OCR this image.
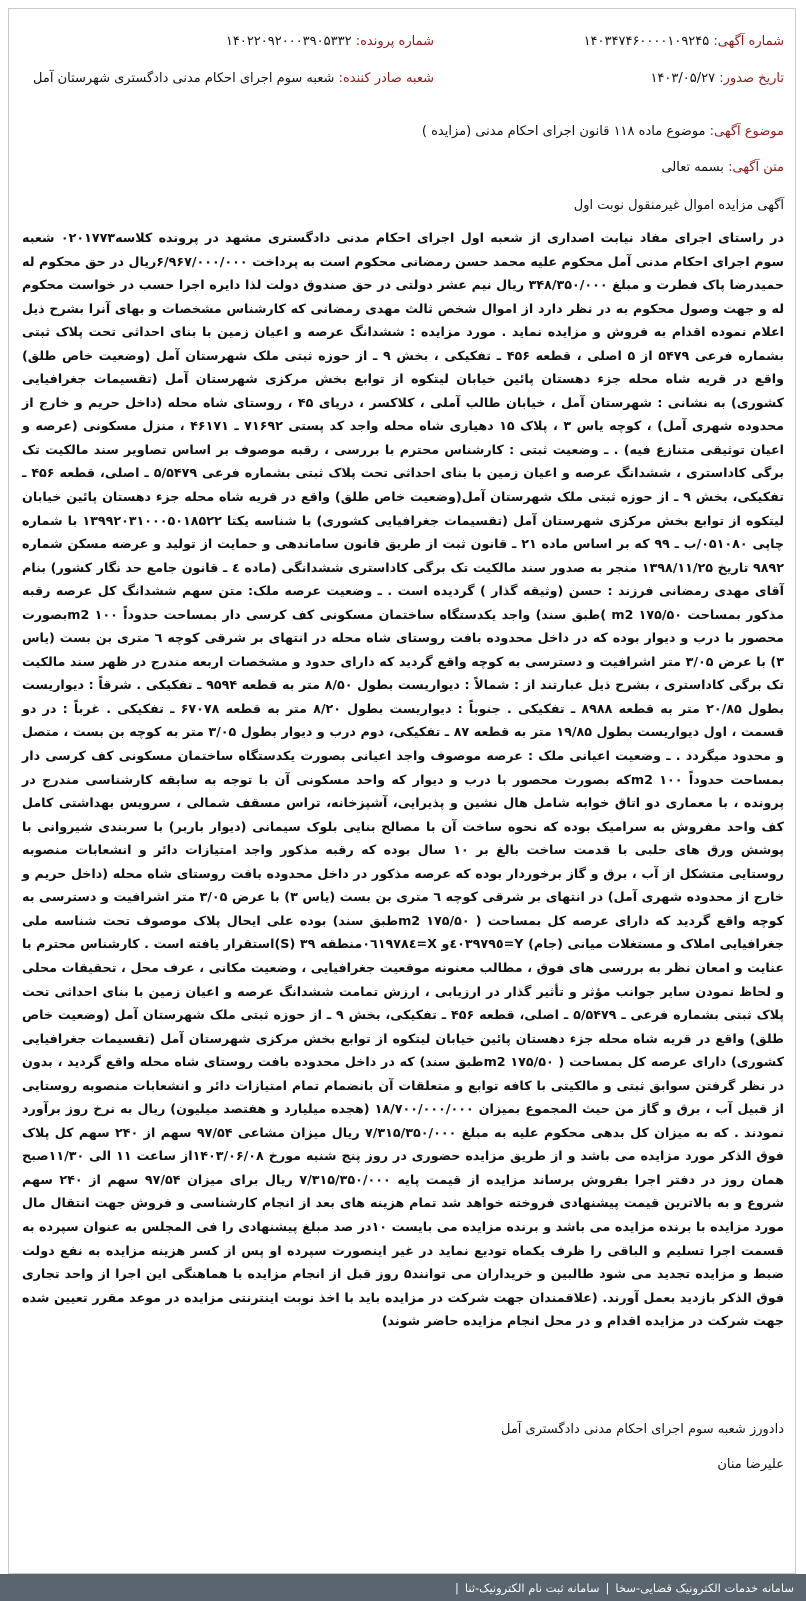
شماره آگهی: ۱۴۰۳۴۷۴۶۰۰۰۰۱۰۹۲۴۵
شماره پرونده: ۱۴۰۲۲۰۹۲۰۰۰۳۹۰۵۳۳۲
تاریخ صدور: ۱۴۰۳/۰۵/۲۷
شعبه صادر کننده: شعبه سوم اجرای احکام مدنی دادگستری شهرستان آمل
موضوع آگهی: موضوع ماده ۱۱۸ قانون اجرای احکام مدنی (مزایده )
متن آگهی: بسمه تعالی
آگهی مزایده اموال غیرمنقول نوبت اول
در راستای اجرای مفاد نیابت اصداری از شعبه اول اجرای احکام مدنی دادگستری مشهد در پرونده کلاسه۰۲۰۱۷۷۳ شعبه سوم اجرای احکام مدنی آمل محکوم علیه محمد حسن رمضانی محکوم است به پرداخت ۶/۹۶۷/۰۰۰/۰۰۰ریال در حق محکوم له حمیدرضا پاک فطرت و مبلغ ۳۴۸/۳۵۰/۰۰۰ ریال نیم عشر دولتی در حق صندوق دولت لذا دایره اجرا حسب در خواست محکوم له و جهت وصول محکوم به در نظر دارد از اموال شخص ثالث مهدی رمضانی که کارشناس مشخصات و بهای آنرا بشرح ذیل اعلام نموده اقدام به فروش و مزایده نماید . مورد مزایده : ششدانگ عرصه و اعیان زمین با بنای احداثی تحت پلاک ثبتی بشماره فرعی ۵۴۷۹ از ۵ اصلی ، قطعه ۴۵۶ ـ تفکیکی ، بخش ۹ ـ از حوزه ثبتی ملک شهرستان آمل (وضعیت خاص طلق) واقع در قریه شاه محله جزء دهستان پائین خیابان لیتکوه از توابع بخش مرکزی شهرستان آمل (تقسیمات جغرافیایی کشوری) به نشانی : شهرستان آمل ، خیابان طالب آملی ، کلاکسر ، دریای ۴۵ ، روستای شاه محله (داخل حریم و خارج از محدوده شهری آمل) ، کوچه یاس ۳ ، پلاک ۱۵ دهیاری شاه محله واجد کد پستی ۷۱۶۹۲ ـ ۴۶۱۷۱ ، منزل مسکونی (عرصه و اعیان توثیقی متنازع فیه) . ـ وضعیت ثبتی : کارشناس محترم با بررسی ، رقبه موصوف بر اساس تصاویر سند مالکیت تک برگی کاداستری ، ششدانگ عرصه و اعیان زمین با بنای احداثی تحت پلاک ثبتی بشماره فرعی ۵/۵۴۷۹ ـ اصلی، قطعه ۴۵۶ ـ تفکیکی، بخش ۹ ـ از حوزه ثبتی ملک شهرستان آمل(وضعیت خاص طلق) واقع در قریه شاه محله جزء دهستان پائین خیابان لیتکوه از توابع بخش مرکزی شهرستان آمل (تقسیمات جغرافیایی کشوری) با شناسه یکتا ۱۳۹۹۲۰۳۱۰۰۰۵۰۱۸۵۲۲ با شماره چاپی ۰۵۱۰۸۰/ب ـ ۹۹ که بر اساس ماده ۲۱ ـ قانون ثبت از طریق قانون ساماندهی و حمایت از تولید و عرضه مسکن شماره ۹۸۹۲ تاریخ ۱۳۹۸/۱۱/۲۵ منجر به صدور سند مالکیت تک برگی کاداستری ششدانگی (ماده ٤ ـ قانون جامع حد نگار کشور) بنام آقای مهدی رمضانی فرزند : حسن (وثیقه گذار ) گردیده است . ـ وضعیت عرصه ملک: متن سهم ششدانگ کل عرصه رقبه مذکور بمساحت m2 ۱۷۵/۵۰ )طبق سند) واجد یکدستگاه ساختمان مسکونی کف کرسی دار بمساحت حدوداً ۱۰۰ m2بصورت محصور با درب و دیوار بوده که در داخل محدوده بافت روستای شاه محله در انتهای بر شرقی کوچه ٦ متری بن بست (یاس ۳) با عرض ۳/۰۵ متر اشرافیت و دسترسی به کوچه واقع گردید که دارای حدود و مشخصات اربعه مندرج در ظهر سند مالکیت تک برگی کاداستری ، بشرح ذیل عبارتند از : شمالاً : دیواریست بطول ۸/۵۰ متر به قطعه ۹۵۹۴ ـ تفکیکی . شرقاً : دیواریست بطول ۲۰/۸۵ متر به قطعه ۸۹۸۸ ـ تفکیکی . جنوباً : دیواریست بطول ۸/۲۰ متر به قطعه ۶۷۰۷۸ ـ تفکیکی . غرباً : در دو قسمت ، اول دیواریست بطول ۱۹/۸۵ متر به قطعه ۸۷ ـ تفکیکی، دوم درب و دیوار بطول ۳/۰۵ متر به کوچه بن بست ، متصل و محدود میگردد . ـ وضعیت اعیانی ملک : عرصه موصوف واجد اعیانی بصورت یکدستگاه ساختمان مسکونی کف کرسی دار بمساحت حدوداً ۱۰۰ m2که بصورت محصور با درب و دیوار که واحد مسکونی آن با توجه به سابقه کارشناسی مندرج در پرونده ، با معماری دو اتاق خوابه شامل هال نشین و پذیرایی، آشپزخانه، تراس مسقف شمالی ، سرویس بهداشتی کامل کف واحد مفروش به سرامیک بوده که نحوه ساخت آن با مصالح بنایی بلوک سیمانی (دیوار باربر) با سربندی شیروانی با پوشش ورق های حلبی با قدمت ساخت بالغ بر ۱۰ سال بوده که رقبه مذکور واجد امتیازات دائر و انشعابات منصوبه روستایی متشکل از آب ، برق و گاز برخوردار بوده که عرصه مذکور در داخل محدوده بافت روستای شاه محله (داخل حریم و خارج از محدوده شهری آمل) در انتهای بر شرقی کوچه ٦ متری بن بست (یاس ۳) با عرض ۳/۰۵ متر اشرافیت و دسترسی به کوچه واقع گردید که دارای عرصه کل بمساحت ( m2 ۱۷۵/۵۰طبق سند) بوده علی ایحال پلاک موصوف تحت شناسه ملی جغرافیایی املاک و مستغلات میانی (جام) Y=٤٠٣٩٧٩٥و X=٠٦١٩٧٨٤منطقه ۳۹ (S)استقرار یافته است . کارشناس محترم با عنایت و امعان نظر به بررسی های فوق ، مطالب معنونه موقعیت جغرافیایی ، وضعیت مکانی ، عرف محل ، تحقیقات محلی و لحاظ نمودن سایر جوانب مؤثر و تأثیر گذار در ارزیابی ، ارزش تمامت ششدانگ عرصه و اعیان زمین با بنای احداثی تحت پلاک ثبتی بشماره فرعی ـ ۵/۵۴۷۹ ـ اصلی، قطعه ۴۵۶ ـ تفکیکی، بخش ۹ ـ از حوزه ثبتی ملک شهرستان آمل (وضعیت خاص طلق) واقع در قریه شاه محله جزء دهستان پائین خیابان لیتکوه از توابع بخش مرکزی شهرستان آمل (تقسیمات جغرافیایی کشوری) دارای عرصه کل بمساحت ( m2 ۱۷۵/۵۰طبق سند) که در داخل محدوده بافت روستای شاه محله واقع گردید ، بدون در نظر گرفتن سوابق ثبتی و مالکیتی با کافه توابع و متعلقات آن بانضمام تمام امتیازات دائر و انشعابات منصوبه روستایی از قبیل آب ، برق و گاز من حیث المجموع بمیزان ۱۸/۷۰۰/۰۰۰/۰۰۰ (هجده میلیارد و هفتصد میلیون) ریال به نرخ روز برآورد نمودند . که به میزان کل بدهی محکوم علیه به مبلغ ۷/۳۱۵/۳۵۰/۰۰۰ ریال میزان مشاعی ۹۷/۵۴ سهم از ۲۴۰ سهم کل پلاک فوق الذکر مورد مزایده می باشد و از طریق مزایده حضوری در روز پنج شنبه مورخ ۱۴۰۳/۰۶/۰۸از ساعت ۱۱ الی ۱۱/۳۰صبح همان روز در دفتر اجرا بفروش برساند مزایده از قیمت پایه ۷/۳۱۵/۳۵۰/۰۰۰ ریال برای میزان ۹۷/۵۴ سهم از ۲۴۰ سهم شروع و به بالاترین قیمت پیشنهادی فروخته خواهد شد تمام هزینه های بعد از انجام کارشناسی و فروش جهت انتقال مال مورد مزایده با برنده مزایده می باشد و برنده مزایده می بایست ۱۰در صد مبلغ پیشنهادی را فی المجلس به عنوان سپرده به قسمت اجرا تسلیم و الباقی را ظرف یکماه تودیع نماید در غیر اینصورت سپرده او پس از کسر هزینه مزایده به نفع دولت ضبط و مزایده تجدید می شود طالبین و خریداران می توانند۵ روز قبل از انجام مزایده با هماهنگی این اجرا از واحد تجاری فوق الذکر بازدید بعمل آورند. (علاقمندان جهت شرکت در مزایده باید با اخذ نوبت اینترنتی مزایده در موعد مقرر تعیین شده جهت شرکت در مزایده اقدام و در محل انجام مزایده حاضر شوند)
دادورز شعبه سوم اجرای احکام مدنی دادگستری آمل
علیرضا منان
سامانه خدمات الکترونیک قضایی-سخا
|
سامانه ثبت نام الکترونیک-ثنا
|
